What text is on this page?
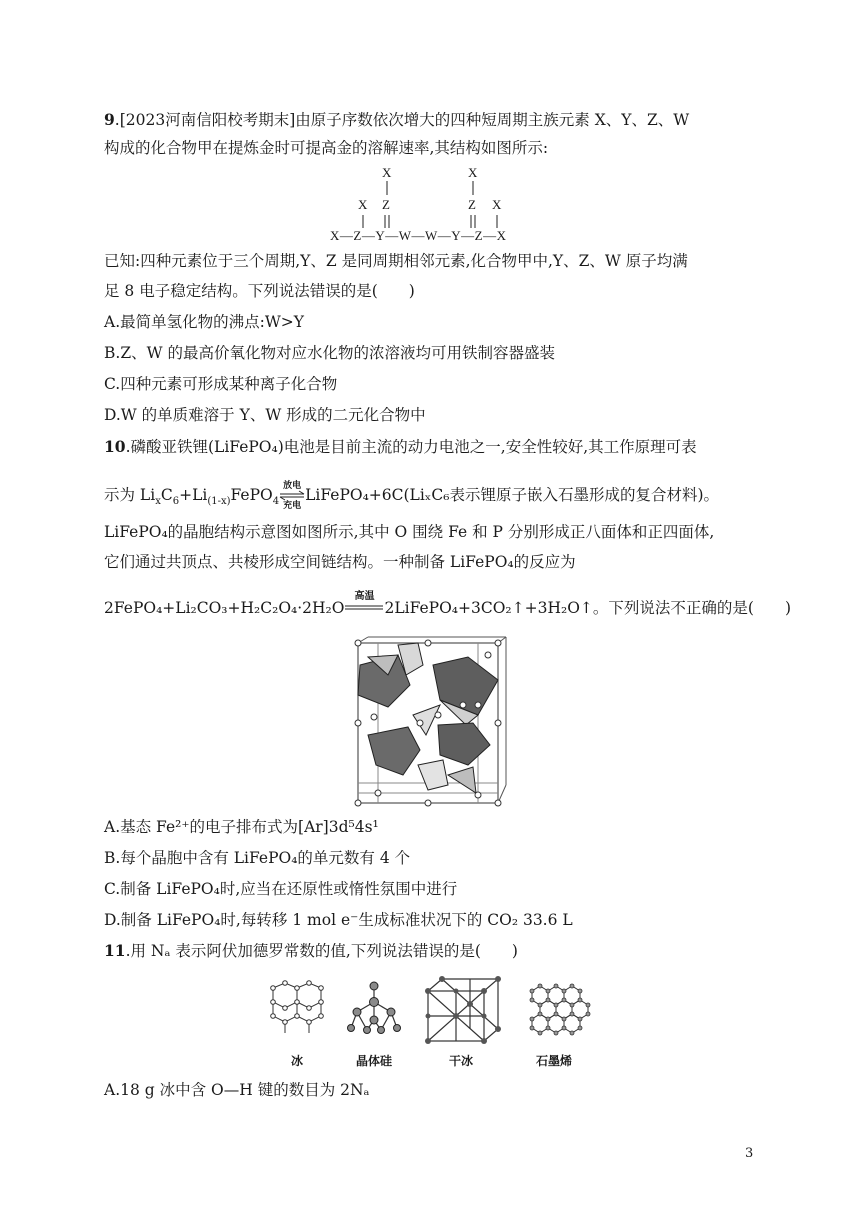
9.[2023河南信阳校考期末]由原子序数依次增大的四种短周期主族元素 X、Y、Z、W
构成的化合物甲在提炼金时可提高金的溶解速率,其结构如图所示:
X	X
X Z	Z X
X—Z—Y—W—W—Y—Z—X
已知:四种元素位于三个周期,Y、Z 是同周期相邻元素,化合物甲中,Y、Z、W 原子均满
足 8 电子稳定结构。下列说法错误的是(　　)
A.最简单氢化物的沸点:W>Y
B.Z、W 的最高价氧化物对应水化物的浓溶液均可用铁制容器盛装
C.四种元素可形成某种离子化合物
D.W 的单质难溶于 Y、W 形成的二元化合物中
10.磷酸亚铁锂(LiFePO₄)电池是目前主流的动力电池之一,安全性较好,其工作原理可表
示为 $Li_xC_6+Li_{(1-x)}FePO_4$
放电
充电
LiFePO₄+6C(LiₓC₆表示锂原子嵌入石墨形成的复合材料)。
LiFePO₄的晶胞结构示意图如图所示,其中 O 围绕 Fe 和 P 分别形成正八面体和正四面体,
它们通过共顶点、共棱形成空间链结构。一种制备 LiFePO₄的反应为
2FePO₄+Li₂CO₃+H₂C₂O₄·2H₂O
高温
2LiFePO₄+3CO₂↑+3H₂O↑。下列说法不正确的是(　　)
A.基态 Fe²⁺的电子排布式为[Ar]3d⁵4s¹
B.每个晶胞中含有 LiFePO₄的单元数有 4 个
C.制备 LiFePO₄时,应当在还原性或惰性氛围中进行
D.制备 LiFePO₄时,每转移 1 mol e⁻生成标准状况下的 CO₂ 33.6 L
11.用 Nₐ 表示阿伏加德罗常数的值,下列说法错误的是(　　)
冰	晶体硅	干冰	石墨烯
A.18 g 冰中含 O—H 键的数目为 2Nₐ
3
